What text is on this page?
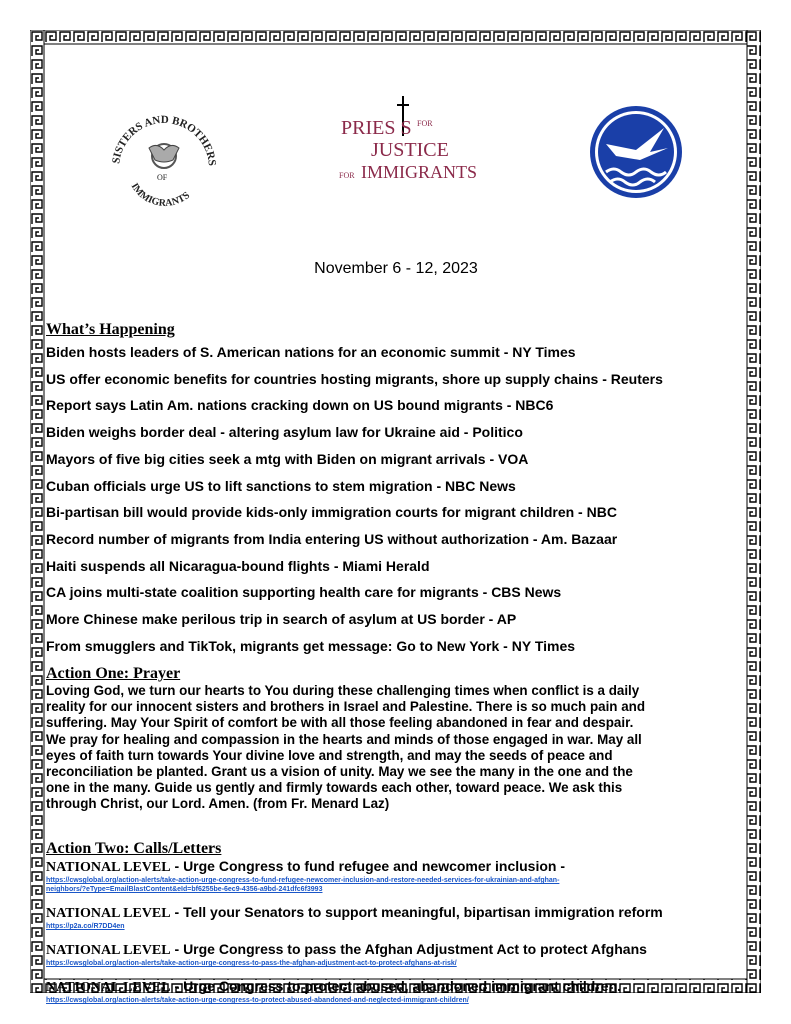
SISTERS AND BROTHERS
IMMIGRANTS
OF
PRIES S FOR
JUSTICE
FOR IMMIGRANTS
November 6 - 12, 2023
What’s Happening
Biden hosts leaders of S. American nations for an economic summit - NY Times
US offer economic benefits for countries hosting migrants, shore up supply chains - Reuters
Report says Latin Am. nations cracking down on US bound migrants - NBC6
Biden weighs border deal - altering asylum law for Ukraine aid - Politico
Mayors of five big cities seek a mtg with Biden on migrant arrivals - VOA
Cuban officials urge US to lift sanctions to stem migration - NBC News
Bi-partisan bill would provide kids-only immigration courts for migrant children - NBC
Record number of migrants from India entering US without authorization - Am. Bazaar
Haiti suspends all Nicaragua-bound flights - Miami Herald
CA joins multi-state coalition supporting health care for migrants - CBS News
More Chinese make perilous trip in search of asylum at US border - AP
From smugglers and TikTok, migrants get message: Go to New York - NY Times
Action One: Prayer

Loving God, we turn our hearts to You during these challenging times when conflict is a daily
reality for our innocent sisters and brothers in Israel and Palestine. There is so much pain and
suffering. May Your Spirit of comfort be with all those feeling abandoned in fear and despair.
We pray for healing and compassion in the hearts and minds of those engaged in war. May all
eyes of faith turn towards Your divine love and strength, and may the seeds of peace and
reconciliation be planted. Grant us a vision of unity. May we see the many in the one and the
one in the many. Guide us gently and firmly towards each other, toward peace. We ask this
through Christ, our Lord. Amen. (from Fr. Menard Laz)

Action Two: Calls/Letters
NATIONAL LEVEL - Urge Congress to fund refugee and newcomer inclusion -
https://cwsglobal.org/action-alerts/take-action-urge-congress-to-fund-refugee-newcomer-inclusion-and-restore-needed-services-for-ukrainian-and-afghan-
neighbors/?eType=EmailBlastContent&eId=bf6255be-6ec9-4356-a9bd-241dfc6f3993
NATIONAL LEVEL - Tell your Senators to support meaningful, bipartisan immigration reform
https://p2a.co/R7DD4en
NATIONAL LEVEL - Urge Congress to pass the Afghan Adjustment Act to protect Afghans
https://cwsglobal.org/action-alerts/take-action-urge-congress-to-pass-the-afghan-adjustment-act-to-protect-afghans-at-risk/
NATIONAL LEVEL - Urge Congress to protect abused, abandoned immigrant children.
https://cwsglobal.org/action-alerts/take-action-urge-congress-to-protect-abused-abandoned-and-neglected-immigrant-children/
